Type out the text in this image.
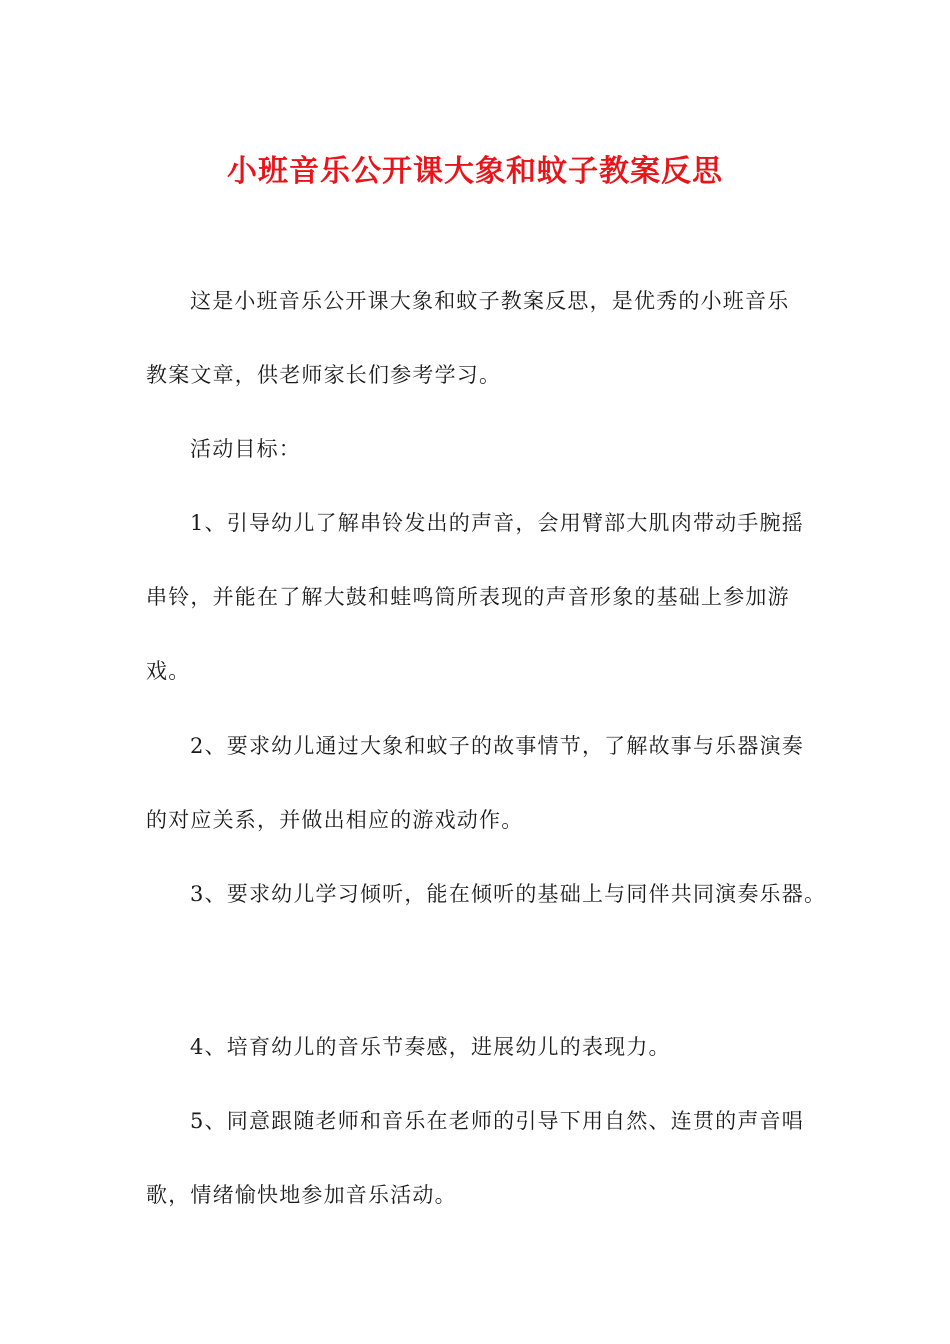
小班音乐公开课大象和蚊子教案反思

这是小班音乐公开课大象和蚊子教案反思，是优秀的小班音乐

教案文章，供老师家长们参考学习。

活动目标：

1、引导幼儿了解串铃发出的声音，会用臂部大肌肉带动手腕摇

串铃，并能在了解大鼓和蛙鸣筒所表现的声音形象的基础上参加游

戏。

2、要求幼儿通过大象和蚊子的故事情节，了解故事与乐器演奏

的对应关系，并做出相应的游戏动作。

3、要求幼儿学习倾听，能在倾听的基础上与同伴共同演奏乐器。

4、培育幼儿的音乐节奏感，进展幼儿的表现力。

5、同意跟随老师和音乐在老师的引导下用自然、连贯的声音唱

歌，情绪愉快地参加音乐活动。
